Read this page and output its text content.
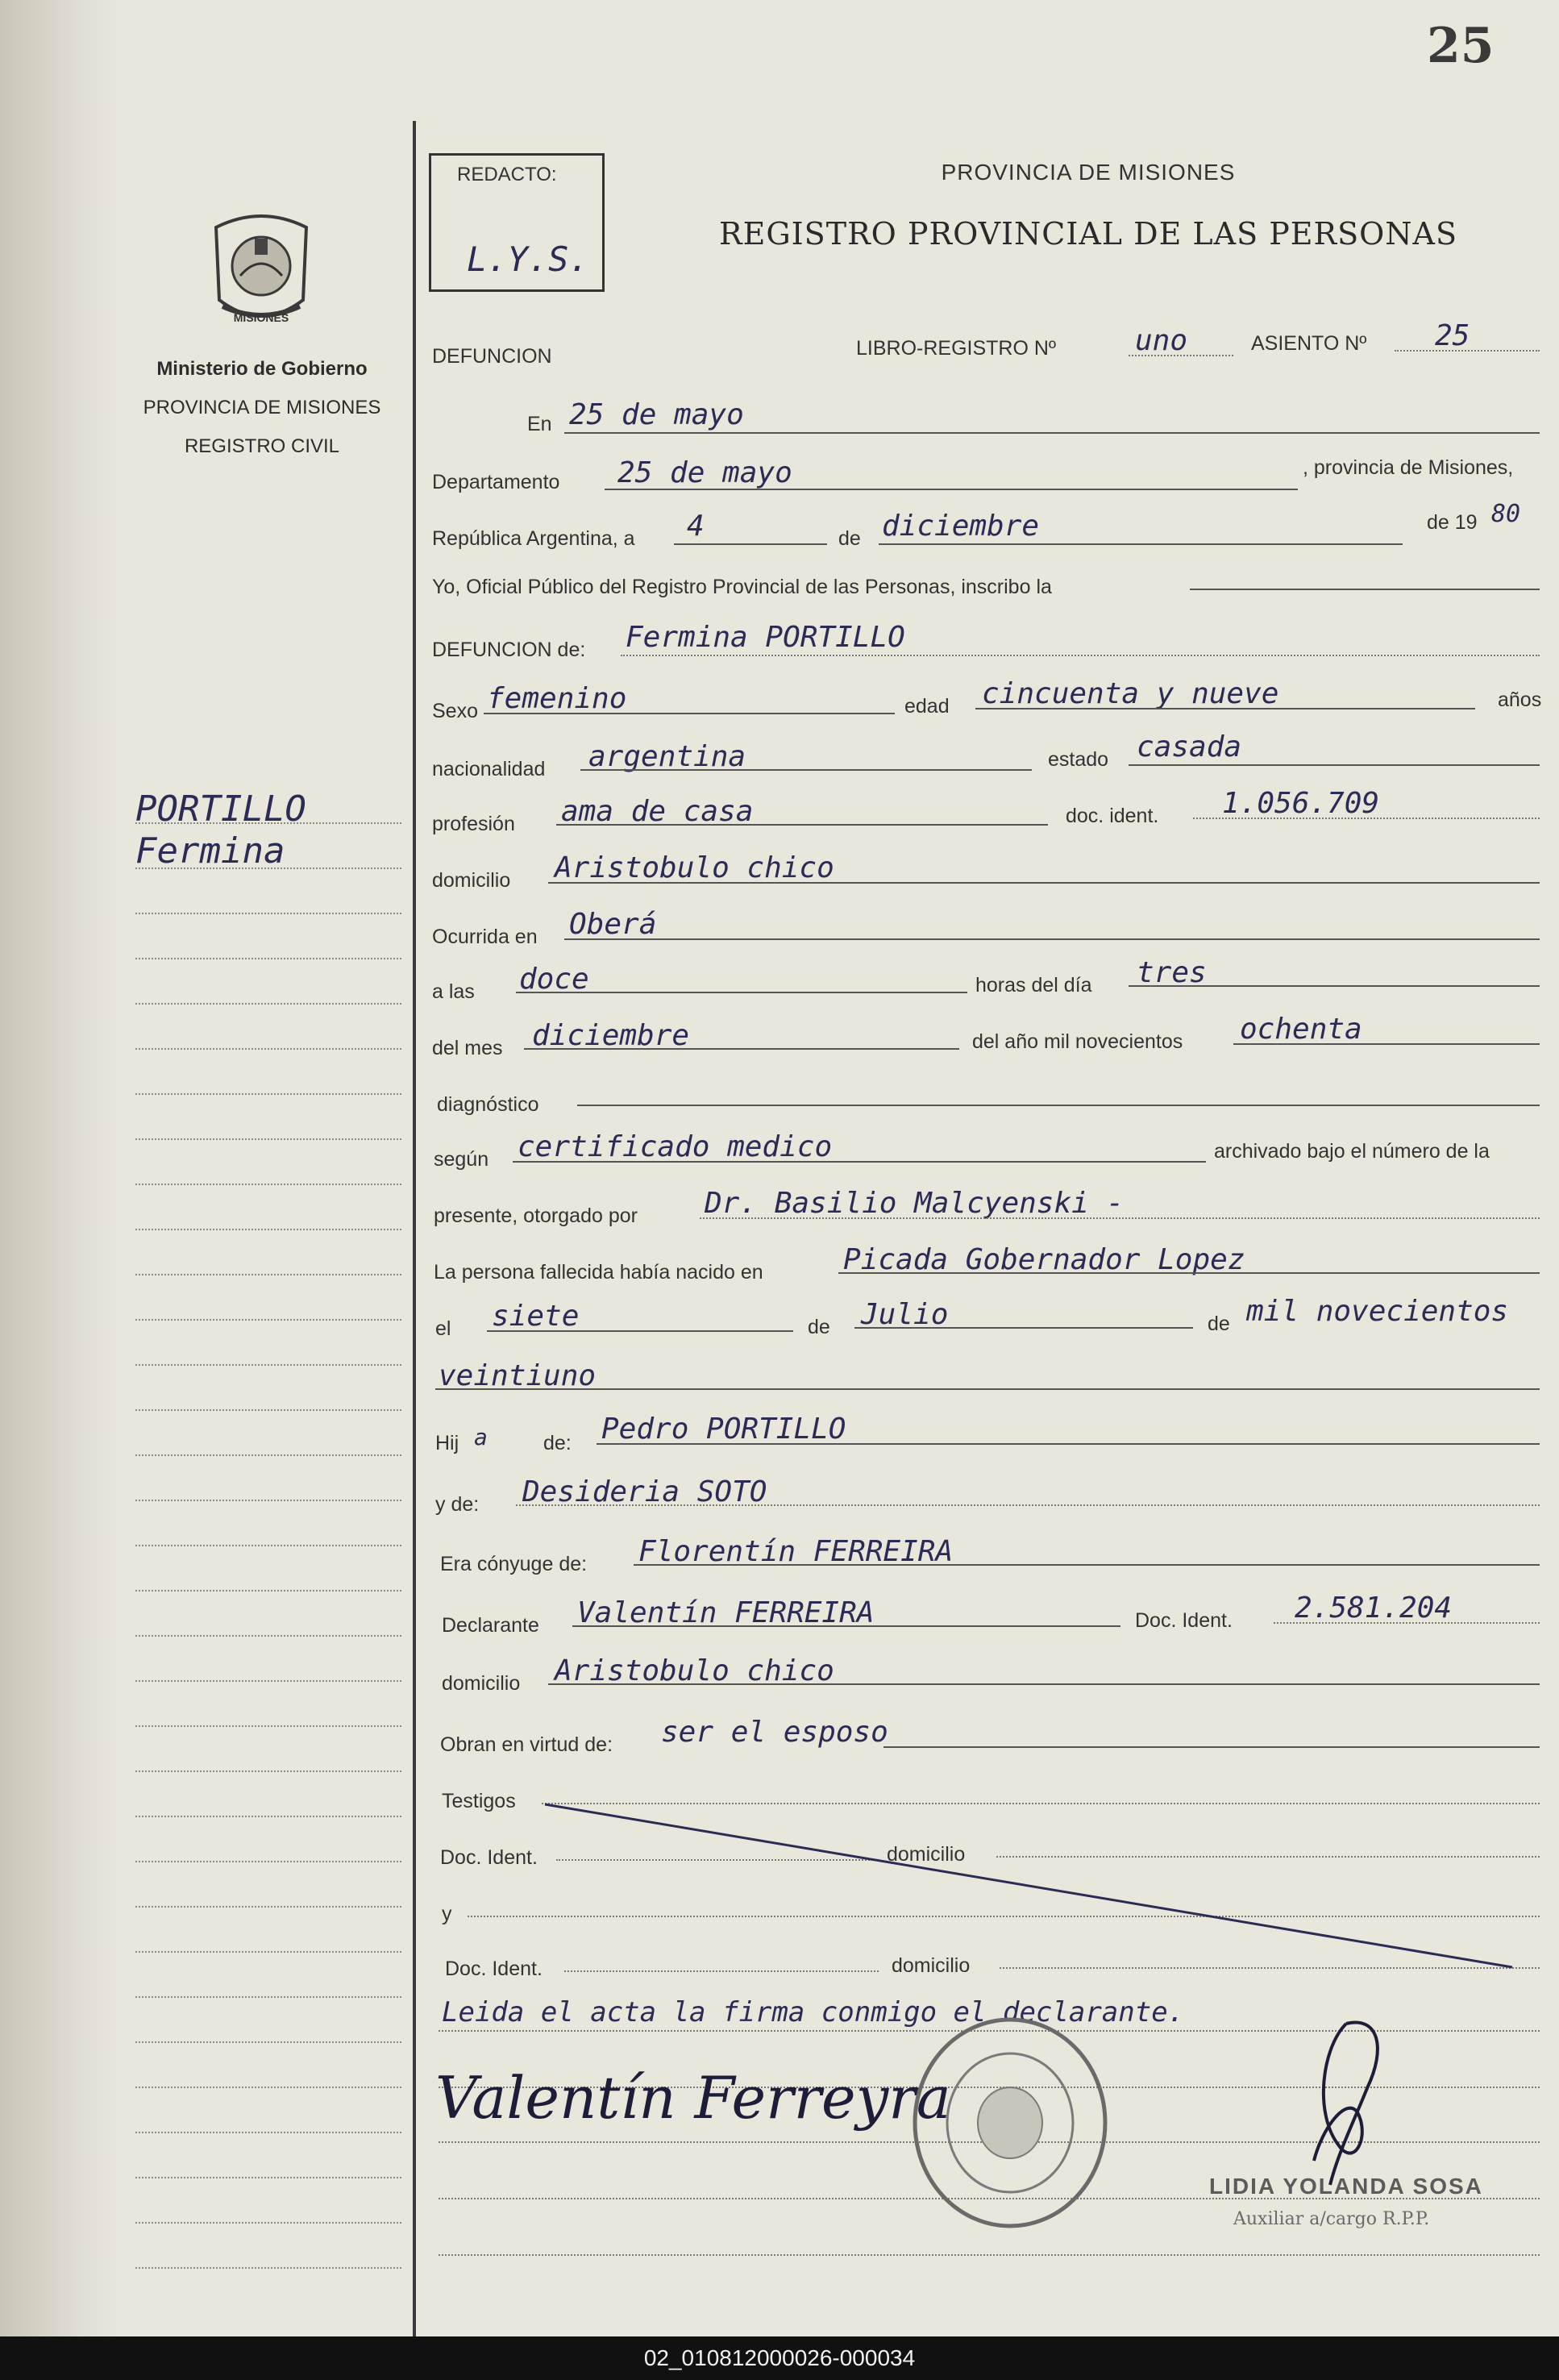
25
MISIONES
Ministerio de Gobierno
PROVINCIA DE MISIONES
REGISTRO CIVIL
REDACTO:
L.Y.S.
PROVINCIA DE MISIONES
REGISTRO PROVINCIAL DE LAS PERSONAS
DEFUNCION	LIBRO-REGISTRO Nº	uno	ASIENTO Nº 25
PORTILLO
Fermina
En 25 de mayo
Departamento 25 de mayo	, provincia de Misiones,
República Argentina, a 4	de diciembre	de 19 80
Yo, Oficial Público del Registro Provincial de las Personas, inscribo la
DEFUNCION de: Fermina PORTILLO
Sexo femenino	edad cincuenta y nueve	años
nacionalidad argentina	estado casada
profesión ama de casa	doc. ident. 1.056.709
domicilio Aristobulo chico
Ocurrida en Oberá
a las doce	horas del día tres
del mes diciembre	del año mil novecientos ochenta
diagnóstico
según certificado medico	archivado bajo el número de la
presente, otorgado por Dr. Basilio Malcyenski -
La persona fallecida había nacido en	Picada Gobernador Lopez
el siete	de Julio	de mil novecientos
veintiuno
Hij a	de: Pedro PORTILLO
y de: Desideria SOTO
Era cónyuge de: Florentín FERREIRA
Declarante Valentín FERREIRA	Doc. Ident. 2.581.204
domicilio Aristobulo chico
Obran en virtud de: ser el esposo
Testigos
Doc. Ident.	domicilio
y
Doc. Ident.	domicilio
Leida el acta la firma conmigo el declarante.
Valentín Ferreyra
LIDIA YOLANDA SOSA
Auxiliar a/cargo R.P.P.
02_010812000026-000034
